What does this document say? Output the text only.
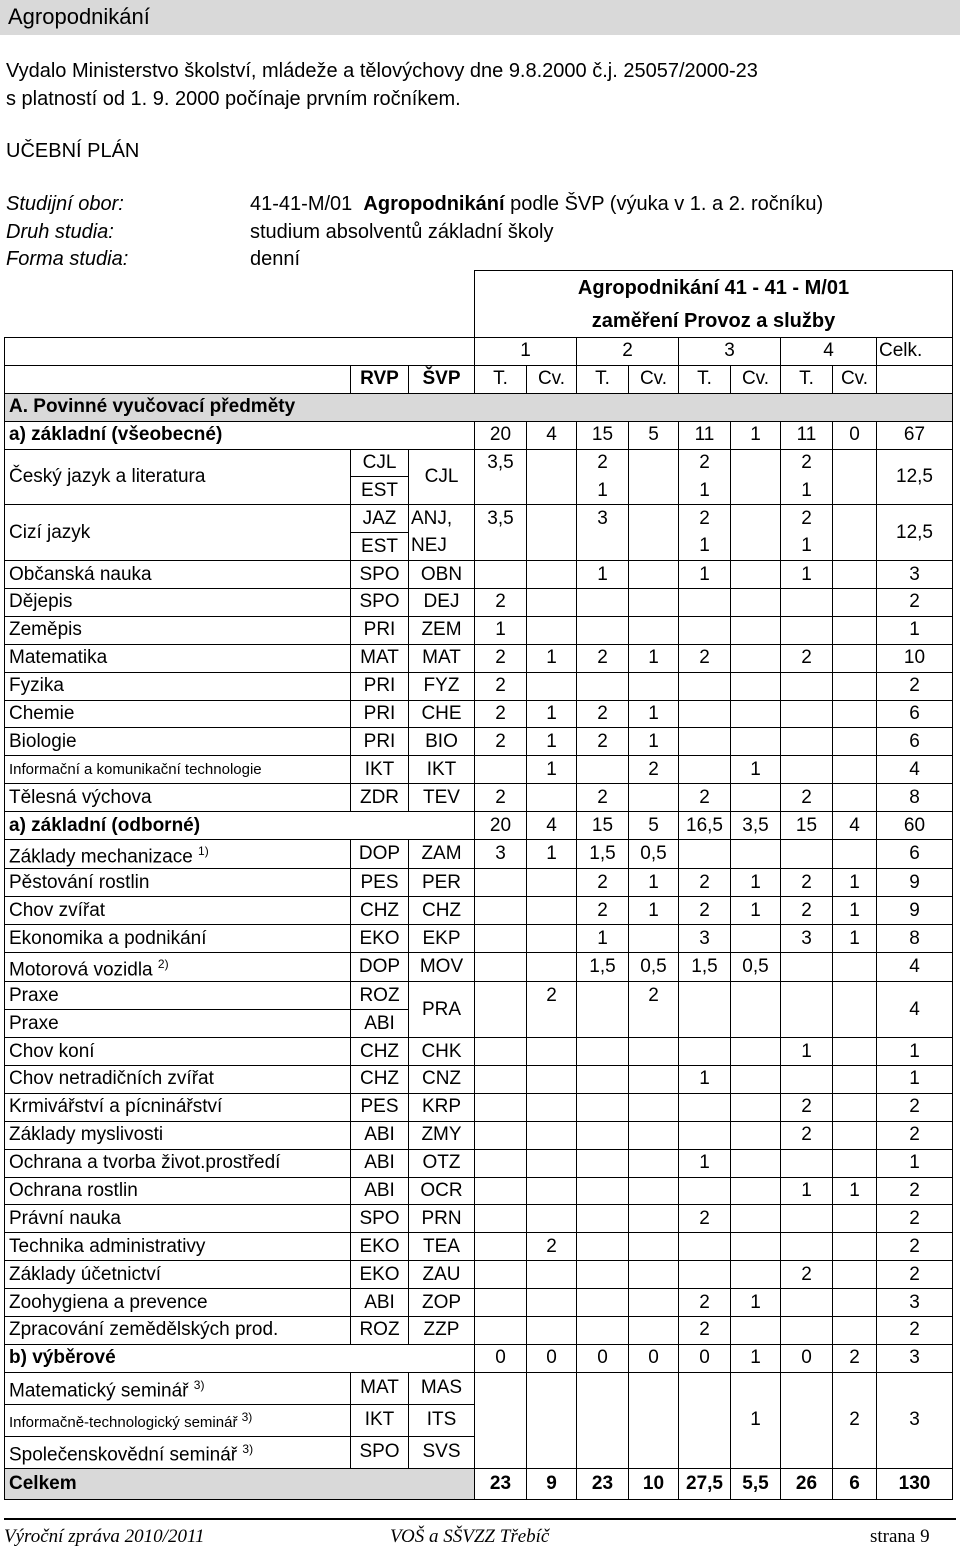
Agropodnikání
Vydalo Ministerstvo školství, mládeže a tělovýchovy dne 9.8.2000 č.j. 25057/2000-23
s platností od 1. 9. 2000 počínaje prvním ročníkem.
UČEBNÍ PLÁN
Studijní obor:	41-41-M/01 Agropodnikání podle ŠVP (výuka v 1. a 2. ročníku)
Druh studia:	studium absolventů základní školy
Forma studia:	denní
			Agropodnikání 41 - 41 - M/01								
			zaměření Provoz a služby								
			1		2		3		4		Celk.
	RVP	ŠVP	T.	Cv.	T.	Cv.	T.	Cv.	T.	Cv.	
A. Povinné vyučovací předměty											
a) základní (všeobecné)			20	4	15	5	11	1	11	0	67
Český jazyk a literatura	CJL	CJL	3,5		2		2		2		12,5
	EST				1		1		1		
Cizí jazyk	JAZ	ANJ,	3,5		3		2		2		12,5
	EST	NEJ					1		1		
Občanská nauka	SPO	OBN			1		1		1		3
Dějepis	SPO	DEJ	2								2
Zeměpis	PRI	ZEM	1								1
Matematika	MAT	MAT	2	1	2	1	2		2		10
Fyzika	PRI	FYZ	2								2
Chemie	PRI	CHE	2	1	2	1					6
Biologie	PRI	BIO	2	1	2	1					6
Informační a komunikační technologie	IKT	IKT		1		2		1			4
Tělesná výchova	ZDR	TEV	2		2		2		2		8
a) základní (odborné)			20	4	15	5	16,5	3,5	15	4	60
Základy mechanizace $^{1)}$	DOP	ZAM	3	1	1,5	0,5					6
Pěstování rostlin	PES	PER			2	1	2	1	2	1	9
Chov zvířat	CHZ	CHZ			2	1	2	1	2	1	9
Ekonomika a podnikání	EKO	EKP			1		3		3	1	8
Motorová vozidla $^{2)}$	DOP	MOV			1,5	0,5	1,5	0,5			4
Praxe	ROZ	PRA		2		2					4
Praxe	ABI										
Chov koní	CHZ	CHK							1		1
Chov netradičních zvířat	CHZ	CNZ					1				1
Krmivářství a pícninářství	PES	KRP							2		2
Základy myslivosti	ABI	ZMY							2		2
Ochrana a tvorba život.prostředí	ABI	OTZ					1				1
Ochrana rostlin	ABI	OCR							1	1	2
Právní nauka	SPO	PRN					2				2
Technika administrativy	EKO	TEA		2							2
Základy účetnictví	EKO	ZAU							2		2
Zoohygiena a prevence	ABI	ZOP					2	1			3
Zpracování zemědělských prod.	ROZ	ZZP					2				2
b) výběrové			0	0	0	0	0	1	0	2	3
Matematický seminář $^{3)}$	MAT	MAS						1		2	3
Informačně-technologický seminář $^{3)}$	IKT	ITS									
Společenskovědní seminář $^{3)}$	SPO	SVS									
Celkem			23	9	23	10	27,5	5,5	26	6	130
Výroční zpráva 2010/2011	VOŠ a SŠVZZ Třebíč	strana 9
